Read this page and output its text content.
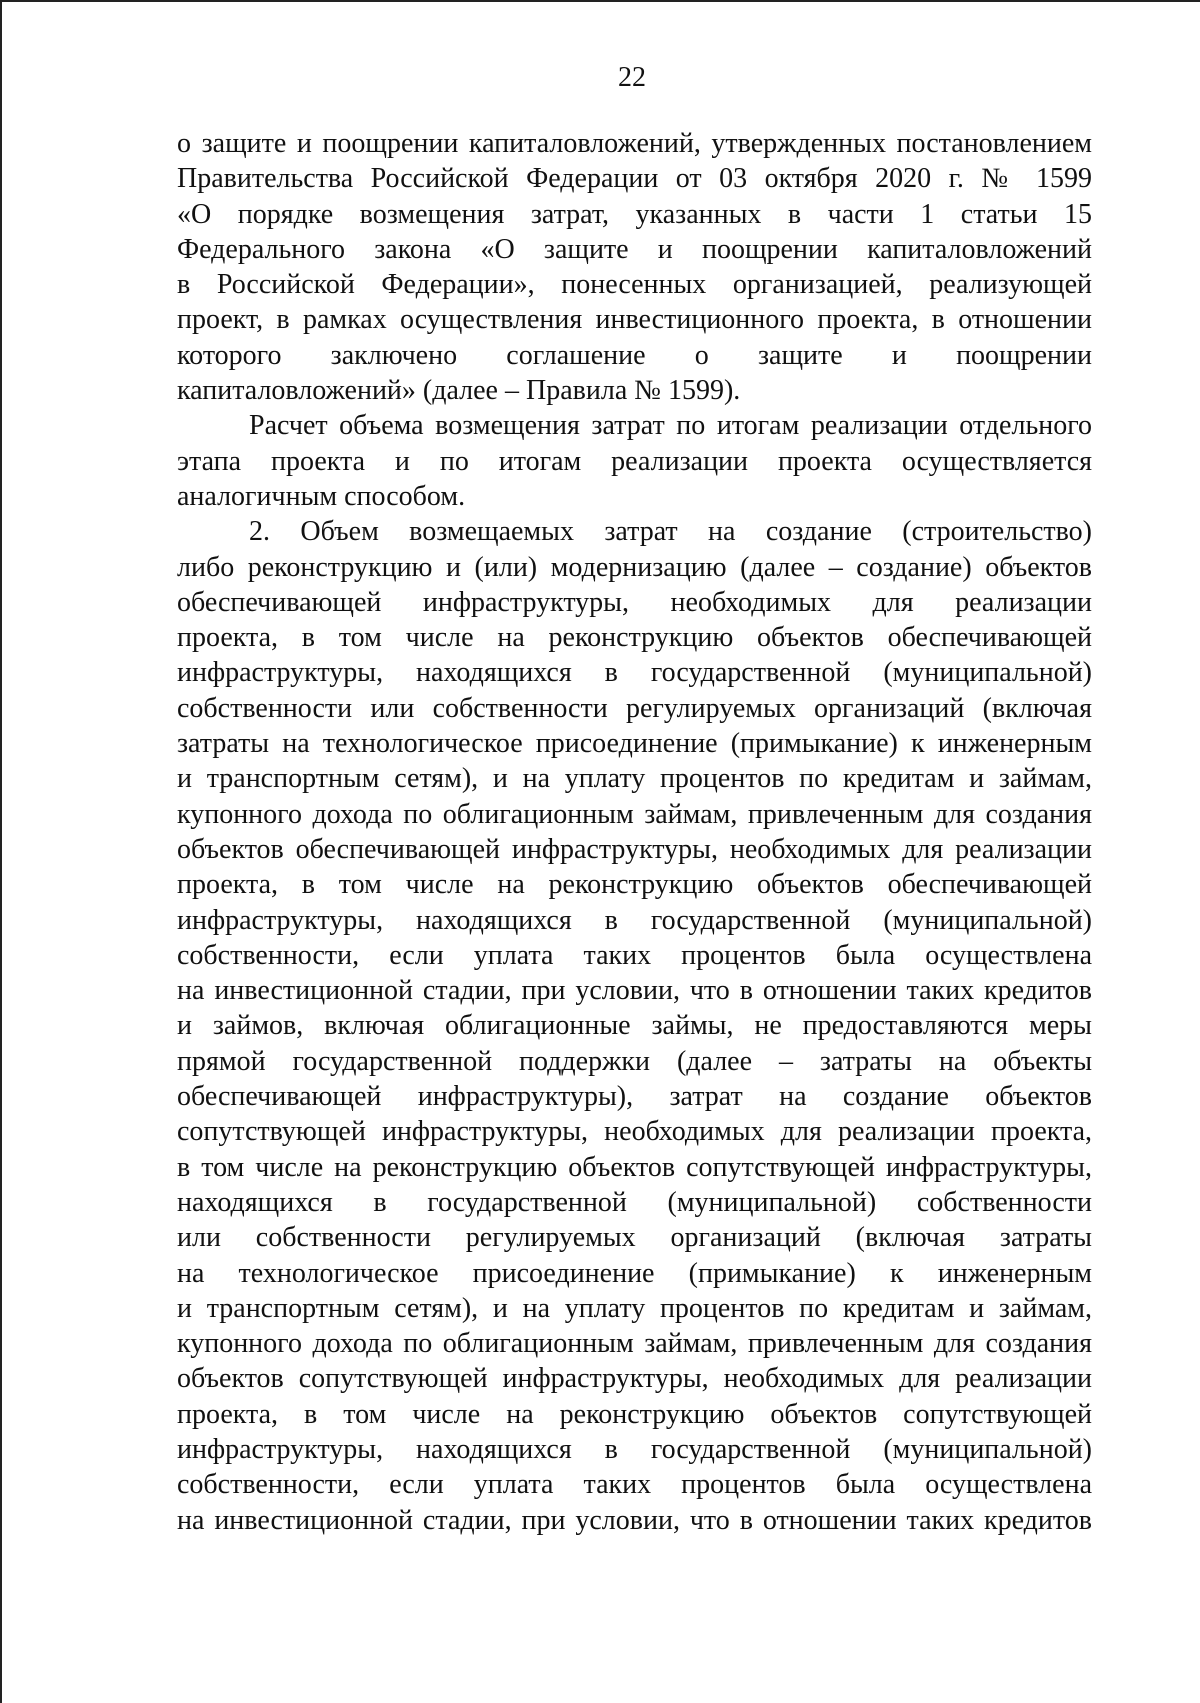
22
о защите и поощрении капиталовложений, утвержденных постановлением
Правительства Российской Федерации от 03 октября 2020 г. № 1599
«О порядке возмещения затрат, указанных в части 1 статьи 15
Федерального закона «О защите и поощрении капиталовложений
в Российской Федерации», понесенных организацией, реализующей
проект, в рамках осуществления инвестиционного проекта, в отношении
которого заключено соглашение о защите и поощрении
капиталовложений» (далее – Правила № 1599).
Расчет объема возмещения затрат по итогам реализации отдельного
этапа проекта и по итогам реализации проекта осуществляется
аналогичным способом.
2. Объем возмещаемых затрат на создание (строительство)
либо реконструкцию и (или) модернизацию (далее – создание) объектов
обеспечивающей инфраструктуры, необходимых для реализации
проекта, в том числе на реконструкцию объектов обеспечивающей
инфраструктуры, находящихся в государственной (муниципальной)
собственности или собственности регулируемых организаций (включая
затраты на технологическое присоединение (примыкание) к инженерным
и транспортным сетям), и на уплату процентов по кредитам и займам,
купонного дохода по облигационным займам, привлеченным для создания
объектов обеспечивающей инфраструктуры, необходимых для реализации
проекта, в том числе на реконструкцию объектов обеспечивающей
инфраструктуры, находящихся в государственной (муниципальной)
собственности, если уплата таких процентов была осуществлена
на инвестиционной стадии, при условии, что в отношении таких кредитов
и займов, включая облигационные займы, не предоставляются меры
прямой государственной поддержки (далее – затраты на объекты
обеспечивающей инфраструктуры), затрат на создание объектов
сопутствующей инфраструктуры, необходимых для реализации проекта,
в том числе на реконструкцию объектов сопутствующей инфраструктуры,
находящихся в государственной (муниципальной) собственности
или собственности регулируемых организаций (включая затраты
на технологическое присоединение (примыкание) к инженерным
и транспортным сетям), и на уплату процентов по кредитам и займам,
купонного дохода по облигационным займам, привлеченным для создания
объектов сопутствующей инфраструктуры, необходимых для реализации
проекта, в том числе на реконструкцию объектов сопутствующей
инфраструктуры, находящихся в государственной (муниципальной)
собственности, если уплата таких процентов была осуществлена
на инвестиционной стадии, при условии, что в отношении таких кредитов
